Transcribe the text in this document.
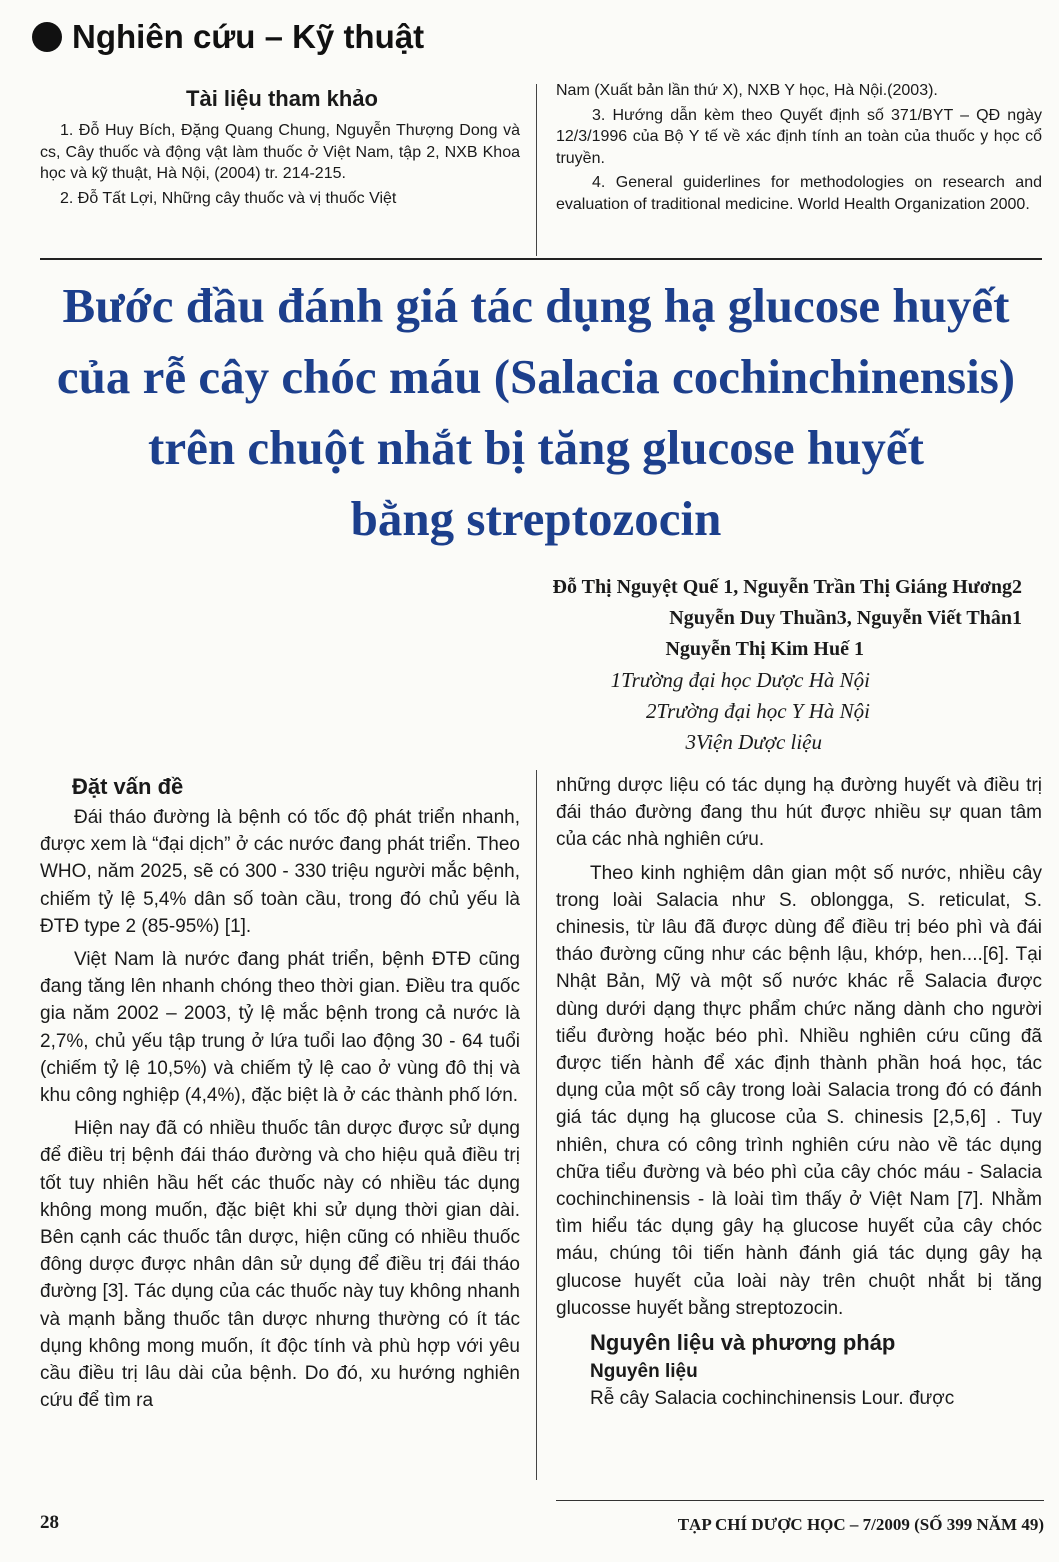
Nghiên cứu – Kỹ thuật
Tài liệu tham khảo

1. Đỗ Huy Bích, Đặng Quang Chung, Nguyễn Thượng Dong và cs, Cây thuốc và động vật làm thuốc ở Việt Nam, tập 2, NXB Khoa học và kỹ thuật, Hà Nội, (2004) tr. 214-215.

2. Đỗ Tất Lợi, Những cây thuốc và vị thuốc Việt

Nam (Xuất bản lần thứ X), NXB Y học, Hà Nội.(2003).

3. Hướng dẫn kèm theo Quyết định số 371/BYT – QĐ ngày 12/3/1996 của Bộ Y tế về xác định tính an toàn của thuốc y học cổ truyền.

4. General guiderlines for methodologies on research and evaluation of traditional medicine. World Health Organization 2000.

Bước đầu đánh giá tác dụng hạ glucose huyết
của rễ cây chóc máu (Salacia cochinchinensis)
trên chuột nhắt bị tăng glucose huyết
bằng streptozocin
Đỗ Thị Nguyệt Quế 1, Nguyễn Trần Thị Giáng Hương2
Nguyễn Duy Thuần3, Nguyễn Viết Thân1
Nguyễn Thị Kim Huế 1
1Trường đại học Dược Hà Nội
2Trường đại học Y Hà Nội
3Viện Dược liệu
Đặt vấn đề

Đái tháo đường là bệnh có tốc độ phát triển nhanh, được xem là “đại dịch” ở các nước đang phát triển. Theo WHO, năm 2025, sẽ có 300 - 330 triệu người mắc bệnh, chiếm tỷ lệ 5,4% dân số toàn cầu, trong đó chủ yếu là ĐTĐ type 2 (85-95%) [1].

Việt Nam là nước đang phát triển, bệnh ĐTĐ cũng đang tăng lên nhanh chóng theo thời gian. Điều tra quốc gia năm 2002 – 2003, tỷ lệ mắc bệnh trong cả nước là 2,7%, chủ yếu tập trung ở lứa tuổi lao động 30 - 64 tuổi (chiếm tỷ lệ 10,5%) và chiếm tỷ lệ cao ở vùng đô thị và khu công nghiệp (4,4%), đặc biệt là ở các thành phố lớn.

Hiện nay đã có nhiều thuốc tân dược được sử dụng để điều trị bệnh đái tháo đường và cho hiệu quả điều trị tốt tuy nhiên hầu hết các thuốc này có nhiều tác dụng không mong muốn, đặc biệt khi sử dụng thời gian dài. Bên cạnh các thuốc tân dược, hiện cũng có nhiều thuốc đông dược được nhân dân sử dụng để điều trị đái tháo đường [3]. Tác dụng của các thuốc này tuy không nhanh và mạnh bằng thuốc tân dược nhưng thường có ít tác dụng không mong muốn, ít độc tính và phù hợp với yêu cầu điều trị lâu dài của bệnh. Do đó, xu hướng nghiên cứu để tìm ra

những dược liệu có tác dụng hạ đường huyết và điều trị đái tháo đường đang thu hút được nhiều sự quan tâm của các nhà nghiên cứu.

Theo kinh nghiệm dân gian một số nước, nhiều cây trong loài Salacia như S. oblongga, S. reticulat, S. chinesis, từ lâu đã được dùng để điều trị béo phì và đái tháo đường cũng như các bệnh lậu, khớp, hen....[6]. Tại Nhật Bản, Mỹ và một số nước khác rễ Salacia được dùng dưới dạng thực phẩm chức năng dành cho người tiểu đường hoặc béo phì. Nhiều nghiên cứu cũng đã được tiến hành để xác định thành phần hoá học, tác dụng của một số cây trong loài Salacia trong đó có đánh giá tác dụng hạ glucose của S. chinesis [2,5,6] . Tuy nhiên, chưa có công trình nghiên cứu nào về tác dụng chữa tiểu đường và béo phì của cây chóc máu - Salacia cochinchinensis - là loài tìm thấy ở Việt Nam [7]. Nhằm tìm hiểu tác dụng gây hạ glucose huyết của cây chóc máu, chúng tôi tiến hành đánh giá tác dụng gây hạ glucose huyết của loài này trên chuột nhắt bị tăng glucosse huyết bằng streptozocin.

Nguyên liệu và phương pháp
Nguyên liệu

Rễ cây Salacia cochinchinensis Lour. được

28	TẠP CHÍ DƯỢC HỌC – 7/2009 (SỐ 399 NĂM 49)
